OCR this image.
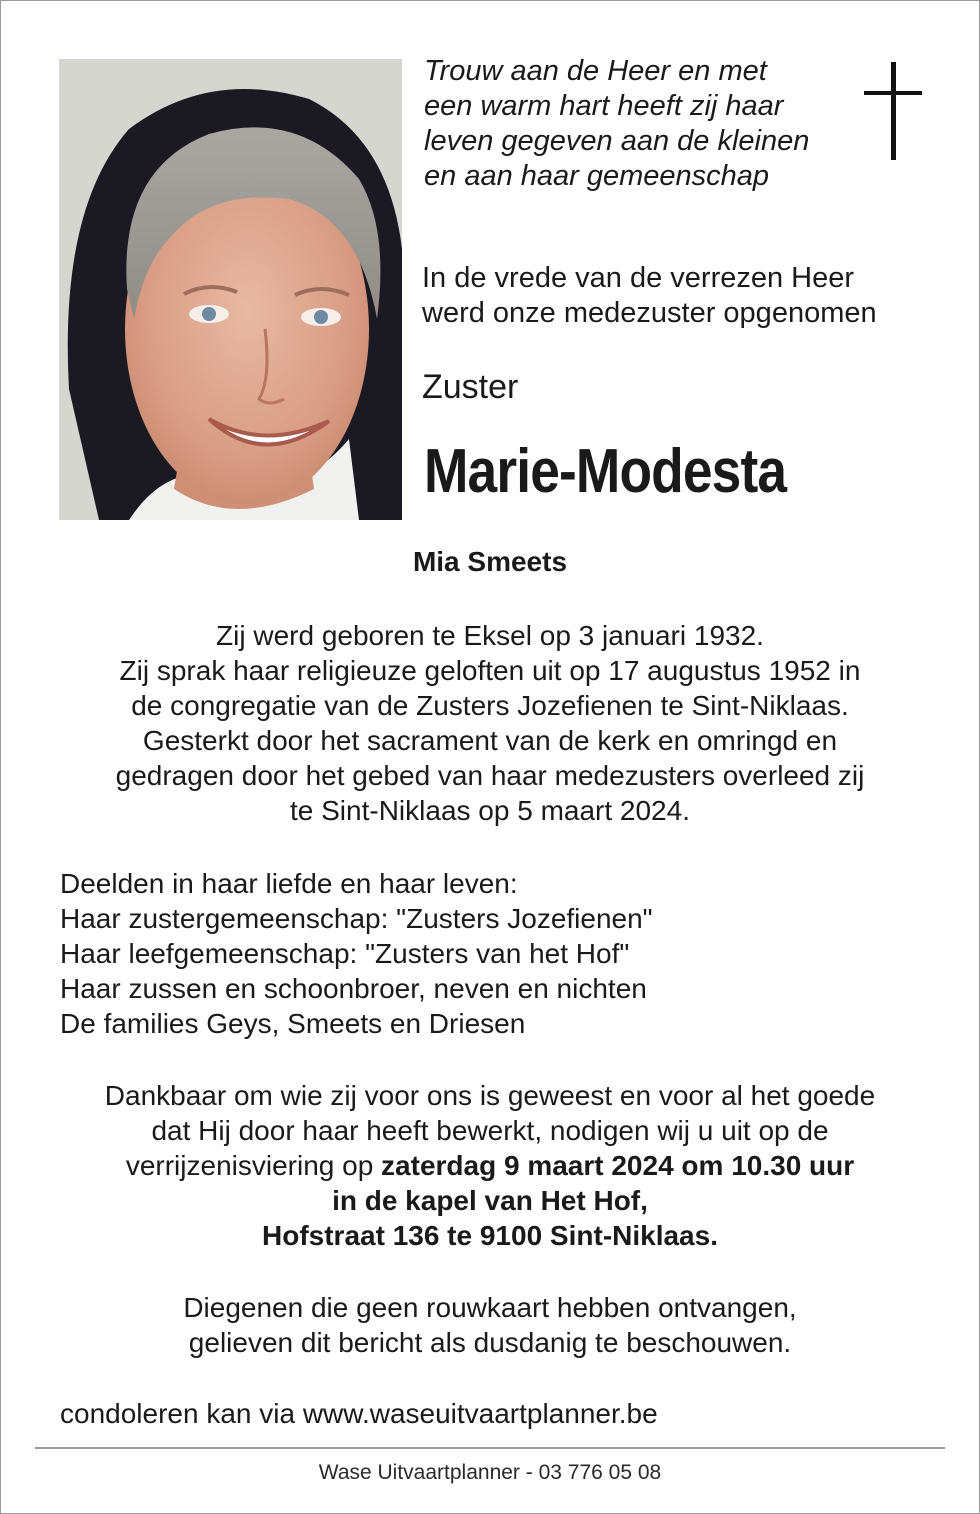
Trouw aan de Heer en met
een warm hart heeft zij haar
leven gegeven aan de kleinen
en aan haar gemeenschap
In de vrede van de verrezen Heer
werd onze medezuster opgenomen
Zuster
Marie-Modesta
Mia Smeets

Zij werd geboren te Eksel op 3 januari 1932.

Zij sprak haar religieuze geloften uit op 17 augustus 1952 in

de congregatie van de Zusters Jozefienen te Sint-Niklaas.

Gesterkt door het sacrament van de kerk en omringd en

gedragen door het gebed van haar medezusters overleed zij

te Sint-Niklaas op 5 maart 2024.

Deelden in haar liefde en haar leven:
Haar zustergemeenschap: "Zusters Jozefienen"
Haar leefgemeenschap: "Zusters van het Hof"
Haar zussen en schoonbroer, neven en nichten
De families Geys, Smeets en Driesen
Dankbaar om wie zij voor ons is geweest en voor al het goede
dat Hij door haar heeft bewerkt, nodigen wij u uit op de
verrijzenisviering op zaterdag 9 maart 2024 om 10.30 uur
in de kapel van Het Hof,
Hofstraat 136 te 9100 Sint-Niklaas.
Diegenen die geen rouwkaart hebben ontvangen,
gelieven dit bericht als dusdanig te beschouwen.
condoleren kan via www.waseuitvaartplanner.be
Wase Uitvaartplanner - 03 776 05 08
